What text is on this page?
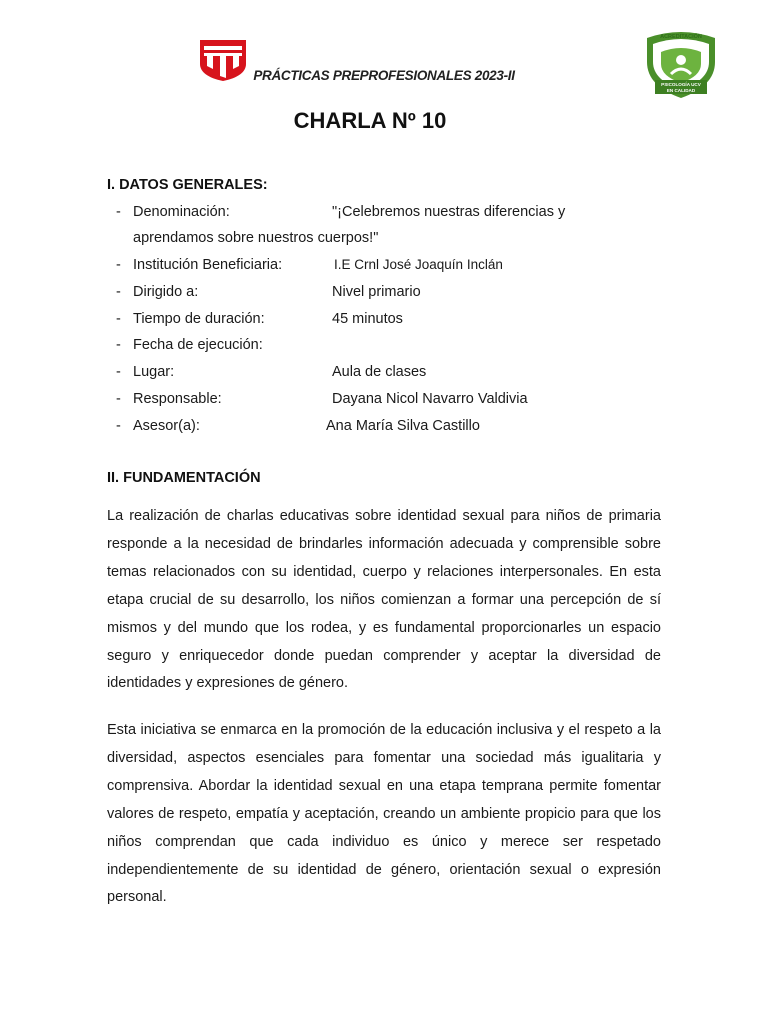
ACREDITACIÓN
PSICOLOGÍA UCV
EN CALIDAD
PRÁCTICAS PREPROFESIONALES 2023-II
CHARLA Nº 10
I. DATOS GENERALES:
- Denominación:	"¡Celebremos nuestras diferencias y
aprendamos sobre nuestros cuerpos!"
- Institución Beneficiaria:	I.E Crnl José Joaquín Inclán
- Dirigido a:	Nivel primario
- Tiempo de duración:	45 minutos
- Fecha de ejecución:
- Lugar:	Aula de clases
- Responsable:	Dayana Nicol Navarro Valdivia
- Asesor(a):	Ana María Silva Castillo
II. FUNDAMENTACIÓN

La realización de charlas educativas sobre identidad sexual para niños de primaria responde a la necesidad de brindarles información adecuada y comprensible sobre temas relacionados con su identidad, cuerpo y relaciones interpersonales. En esta etapa crucial de su desarrollo, los niños comienzan a formar una percepción de sí mismos y del mundo que los rodea, y es fundamental proporcionarles un espacio seguro y enriquecedor donde puedan comprender y aceptar la diversidad de identidades y expresiones de género.

Esta iniciativa se enmarca en la promoción de la educación inclusiva y el respeto a la diversidad, aspectos esenciales para fomentar una sociedad más igualitaria y comprensiva. Abordar la identidad sexual en una etapa temprana permite fomentar valores de respeto, empatía y aceptación, creando un ambiente propicio para que los niños comprendan que cada individuo es único y merece ser respetado independientemente de su identidad de género, orientación sexual o expresión personal.
